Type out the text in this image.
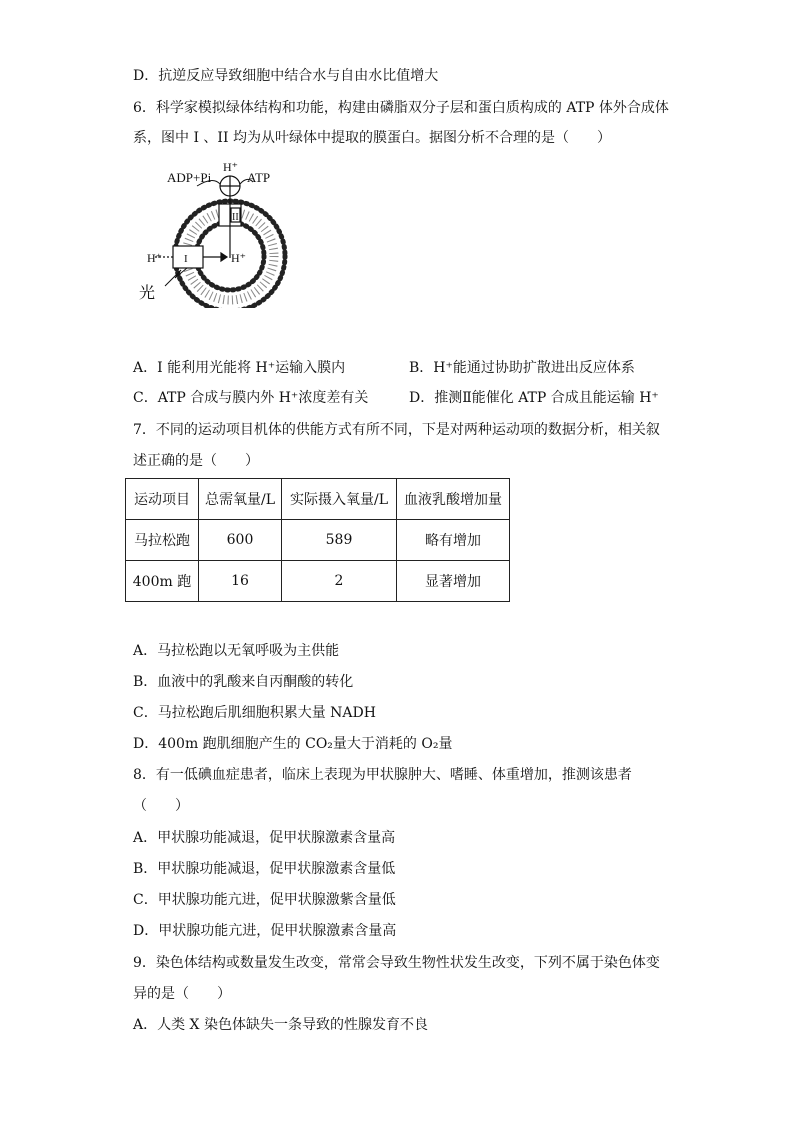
D．抗逆反应导致细胞中结合水与自由水比值增大
6．科学家模拟绿体结构和功能，构建由磷脂双分子层和蛋白质构成的 ATP 体外合成体
系，图中 I 、II 均为从叶绿体中提取的膜蛋白。据图分析不合理的是（　　）
ADP+Pi	ATP
H⁺
H⁺	H⁺
I
II
光
A．I 能利用光能将 H⁺运输入膜内	B．H⁺能通过协助扩散进出反应体系
C．ATP 合成与膜内外 H⁺浓度差有关	D．推测Ⅱ能催化 ATP 合成且能运输 H⁺
7．不同的运动项目机体的供能方式有所不同，下是对两种运动项的数据分析，相关叙
述正确的是（　　）
运动项目	总需氧量/L	实际摄入氧量/L	血液乳酸增加量
马拉松跑	600	589	略有增加
400m 跑	16	2	显著增加
A．马拉松跑以无氧呼吸为主供能
B．血液中的乳酸来自丙酮酸的转化
C．马拉松跑后肌细胞积累大量 NADH
D．400m 跑肌细胞产生的 CO₂量大于消耗的 O₂量
8．有一低碘血症患者，临床上表现为甲状腺肿大、嗜睡、体重增加，推测该患者
（　　）
A．甲状腺功能减退，促甲状腺激素含量高
B．甲状腺功能减退，促甲状腺激素含量低
C．甲状腺功能亢进，促甲状腺激紫含量低
D．甲状腺功能亢进，促甲状腺激素含量高
9．染色体结构或数量发生改变，常常会导致生物性状发生改变，下列不属于染色体变
异的是（　　）
A．人类 X 染色体缺失一条导致的性腺发育不良
